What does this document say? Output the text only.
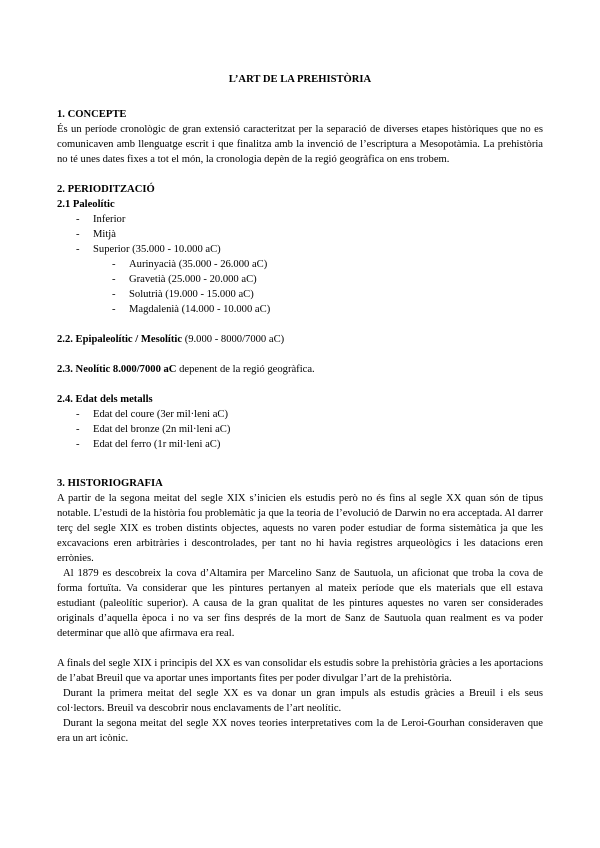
L’ART DE LA PREHISTÒRIA
1. CONCEPTE

És un període cronològic de gran extensió caracteritzat per la separació de diverses etapes històriques que no es comunicaven amb llenguatge escrit i que finalitza amb la invenció de l’escriptura a Mesopotàmia. La prehistòria no té unes dates fixes a tot el món, la cronologia depèn de la regió geogràfica on ens trobem.

2. PERIODITZACIÓ
2.1 Paleolític
- Inferior
- Mitjà
- Superior (35.000 - 10.000 aC)
- Aurinyacià (35.000 - 26.000 aC)
- Gravetià (25.000 - 20.000 aC)
- Solutrià (19.000 - 15.000 aC)
- Magdalenià (14.000 - 10.000 aC)

2.2. Epipaleolític / Mesolític (9.000 - 8000/7000 aC)

2.3. Neolític 8.000/7000 aC depenent de la regió geogràfica.

2.4. Edat dels metalls
- Edat del coure (3er mil·leni aC)
- Edat del bronze (2n mil·leni aC)
- Edat del ferro (1r mil·leni aC)
3. HISTORIOGRAFIA

A partir de la segona meitat del segle XIX s’inicien els estudis però no és fins al segle XX quan són de tipus notable. L’estudi de la història fou problemàtic ja que la teoria de l’evolució de Darwin no era acceptada. Al darrer terç del segle XIX es troben distints objectes, aquests no varen poder estudiar de forma sistemàtica ja que les excavacions eren arbitràries i descontrolades, per tant no hi havia registres arqueològics i les datacions eren errònies.

Al 1879 es descobreix la cova d’Altamira per Marcelino Sanz de Sautuola, un aficionat que troba la cova de forma fortuïta. Va considerar que les pintures pertanyen al mateix període que els materials que ell estava estudiant (paleolític superior). A causa de la gran qualitat de les pintures aquestes no varen ser considerades originals d’aquella època i no va ser fins després de la mort de Sanz de Sautuola quan realment es va poder determinar que allò que afirmava era real.

A finals del segle XIX i principis del XX es van consolidar els estudis sobre la prehistòria gràcies a les aportacions de l’abat Breuil que va aportar unes importants fites per poder divulgar l’art de la prehistòria.

Durant la primera meitat del segle XX es va donar un gran impuls als estudis gràcies a Breuil i els seus col·lectors. Breuil va descobrir nous enclavaments de l’art neolític.

Durant la segona meitat del segle XX noves teories interpretatives com la de Leroi-Gourhan consideraven que era un art icònic.
